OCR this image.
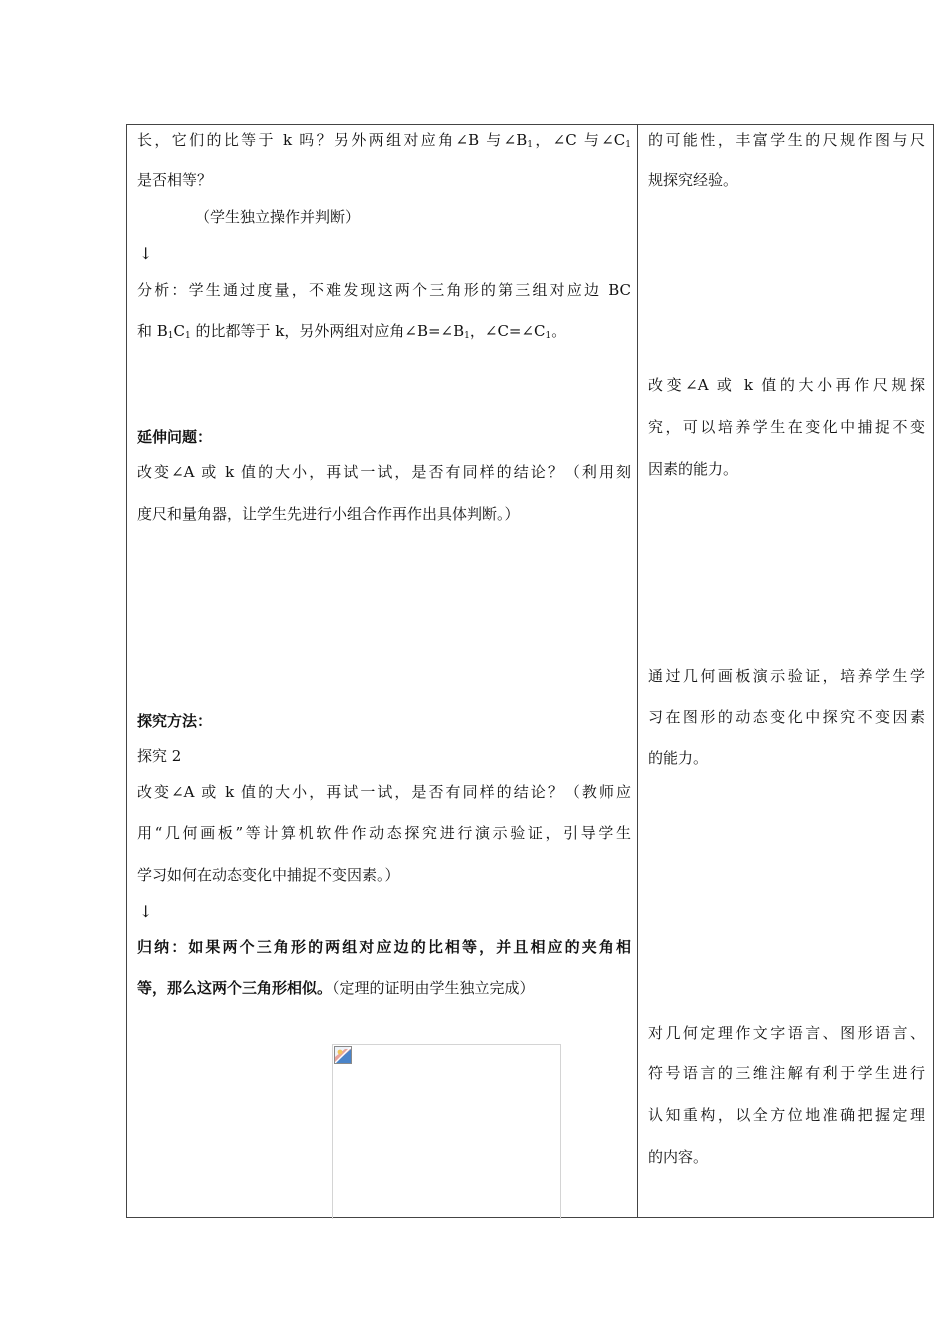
长，它们的比等于 k 吗？另外两组对应角∠B 与$\angle B_1$，∠C 与$\angle C_1$
是否相等？
（学生独立操作并判断）
↓
分析：学生通过度量，不难发现这两个三角形的第三组对应边 BC
和 $B_1C_1$ 的比都等于 k，另外两组对应角$\angle B=\angle B_1$，$\angle C=\angle C_1$。
延伸问题：
改变∠A 或 k 值的大小，再试一试，是否有同样的结论？（利用刻
度尺和量角器，让学生先进行小组合作再作出具体判断。）
探究方法：
探究 2
改变∠A 或 k 值的大小，再试一试，是否有同样的结论？（教师应
用“几何画板”等计算机软件作动态探究进行演示验证，引导学生
学习如何在动态变化中捕捉不变因素。）
↓
归纳：如果两个三角形的两组对应边的比相等，并且相应的夹角相
等，那么这两个三角形相似。（定理的证明由学生独立完成）
的可能性，丰富学生的尺规作图与尺
规探究经验。
改变∠A 或 k 值的大小再作尺规探
究，可以培养学生在变化中捕捉不变
因素的能力。
通过几何画板演示验证，培养学生学
习在图形的动态变化中探究不变因素
的能力。
对几何定理作文字语言、图形语言、
符号语言的三维注解有利于学生进行
认知重构，以全方位地准确把握定理
的内容。
